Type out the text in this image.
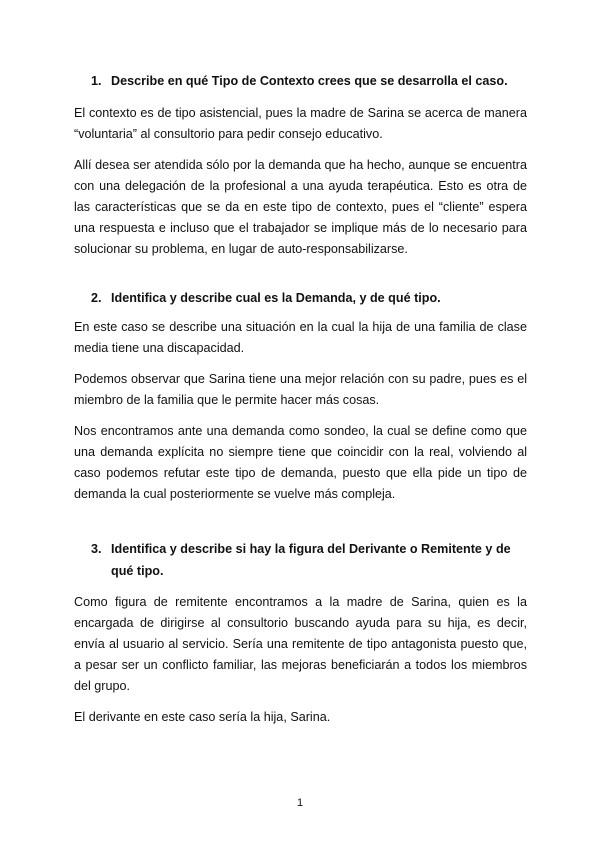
1. Describe en qué Tipo de Contexto crees que se desarrolla el caso.

El contexto es de tipo asistencial, pues la madre de Sarina se acerca de manera “voluntaria” al consultorio para pedir consejo educativo.

Allí desea ser atendida sólo por la demanda que ha hecho, aunque se encuentra con una delegación de la profesional a una ayuda terapéutica. Esto es otra de las características que se da en este tipo de contexto, pues el “cliente” espera una respuesta e incluso que el trabajador se implique más de lo necesario para solucionar su problema, en lugar de auto-responsabilizarse.

2. Identifica y describe cual es la Demanda, y de qué tipo.

En este caso se describe una situación en la cual la hija de una familia de clase media tiene una discapacidad.

Podemos observar que Sarina tiene una mejor relación con su padre, pues es el miembro de la familia que le permite hacer más cosas.

Nos encontramos ante una demanda como sondeo, la cual se define como que una demanda explícita no siempre tiene que coincidir con la real, volviendo al caso podemos refutar este tipo de demanda, puesto que ella pide un tipo de demanda la cual posteriormente se vuelve más compleja.

3. Identifica y describe si hay la figura del Derivante o Remitente y de qué tipo.

Como figura de remitente encontramos a la madre de Sarina, quien es la encargada de dirigirse al consultorio buscando ayuda para su hija, es decir, envía al usuario al servicio. Sería una remitente de tipo antagonista puesto que, a pesar ser un conflicto familiar, las mejoras beneficiarán a todos los miembros del grupo.

El derivante en este caso sería la hija, Sarina.

1
